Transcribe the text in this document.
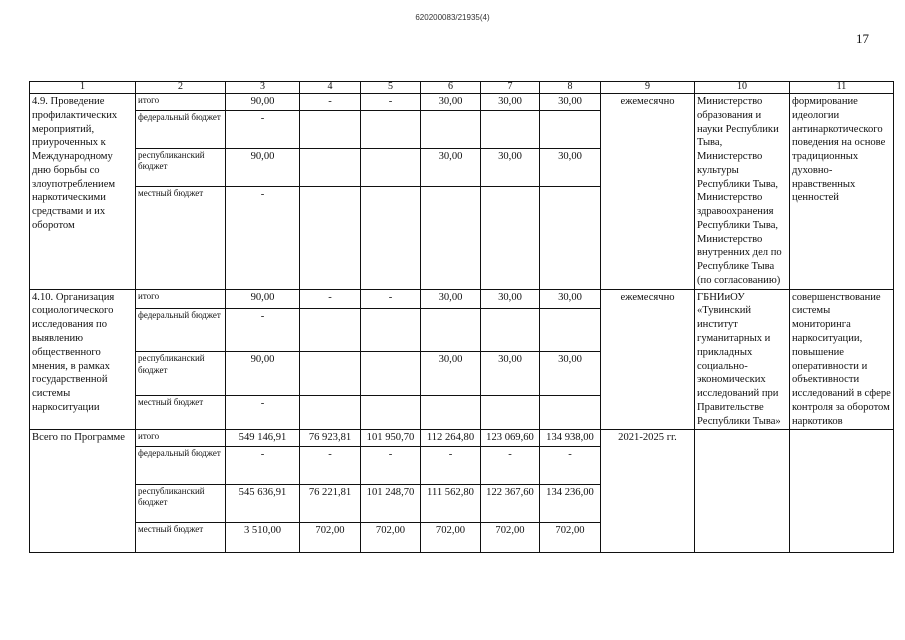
620200083/21935(4)
17
1	2	3	4	5	6	7	8	9	10	11
4.9. Проведение профилактических мероприятий, приуроченных к Международному дню борьбы со злоупотреблением наркотическими средствами и их оборотом	итого	90,00	-	-	30,00	30,00	30,00	ежемесячно	Министерство образования и науки Республики Тыва, Министерство культуры Республики Тыва, Министерство здравоохранения Республики Тыва, Министерство внутренних дел по Республике Тыва (по согласованию)	формирование идеологии антинаркотического поведения на основе традиционных духовно-нравственных ценностей
	федеральный бюджет	-								
	республиканский бюджет	90,00			30,00	30,00	30,00			
	местный бюджет	-								
4.10. Организация социологического исследования по выявлению общественного мнения, в рамках государственной системы наркоситуации	итого	90,00	-	-	30,00	30,00	30,00	ежемесячно	ГБНИиОУ «Тувинский институт гуманитарных и прикладных социально-экономических исследований при Правительстве Республики Тыва»	совершенствование системы мониторинга наркоситуации, повышение оперативности и объективности исследований в сфере контроля за оборотом наркотиков
	федеральный бюджет	-								
	республиканский бюджет	90,00			30,00	30,00	30,00			
	местный бюджет	-								
Всего по Программе	итого	549 146,91	76 923,81	101 950,70	112 264,80	123 069,60	134 938,00	2021-2025 гг.		
	федеральный бюджет	-	-	-	-	-	-			
	республиканский бюджет	545 636,91	76 221,81	101 248,70	111 562,80	122 367,60	134 236,00			
	местный бюджет	3 510,00	702,00	702,00	702,00	702,00	702,00			
